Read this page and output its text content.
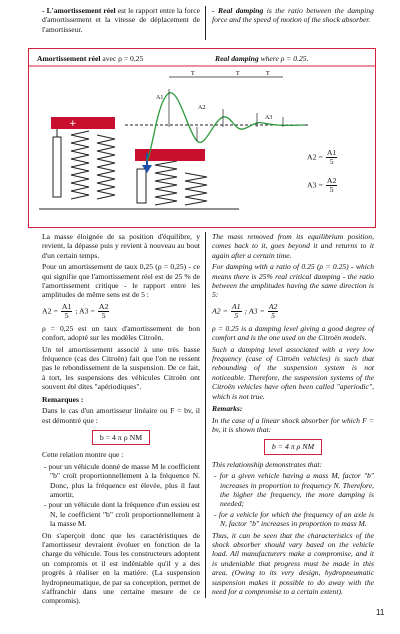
- L'amortissement réel est le rapport entre la force d'amortissement et la vitesse de déplacement de l'amortisseur.

- Real damping is the ratio between the damping force and the speed of motion of the shock absorber.

Amortissement réel avec ρ = 0,25	Real damping where ρ = 0.25.
+
T	T	T
A1
A2
A3
$A2 = \frac{A1}{5}$
$A3 = \frac{A2}{5}$

La masse éloignée de sa position d'équilibre, y revient, la dépasse puis y revient à nouveau au bout d'un certain temps.

Pour un amortissement de taux 0,25 (ρ = 0,25) - ce qui signifie que l'amortissement réel est de 25 % de l'amortissement critique - le rapport entre les amplitudes de même sens est de 5 :

$A2 = \frac{A1}{5}$ ; $A3 = \frac{A2}{5}$

ρ = 0,25 est un taux d'amortissement de bon confort, adopté sur les modèles Citroën.

Un tel amortissement associé à une très basse fréquence (cas des Citroën) fait que l'on ne ressent pas le rebondissement de la suspension. De ce fait, à tort, les suspensions des véhicules Citroën ont souvent été dites "apériodiques".

Remarques :

Dans le cas d'un amortisseur linéaire ou F = bv, il est démontré que :

b = 4 π ρ NM

Cette relation montre que :

- pour un véhicule donné de masse M le coefficient "b" croît proportionnellement à la fréquence N. Donc, plus la fréquence est élevée, plus il faut amortir,
- pour un véhicule dont la fréquence d'un essieu est N, le coefficient "b" croît proportionnellement à la masse M.

On s'aperçoit donc que les caractéristiques de l'amortisseur devraient évoluer en fonction de la charge du véhicule. Tous les constructeurs adoptent un compromis et il est indéniable qu'il y a des progrès à réaliser en la matière. (La suspension hydropneumatique, de par sa conception, permet de s'affranchir dans une certaine mesure de ce compromis).

The mass removed from its equilibrium position, comes back to it, goes beyond it and returns to it again after a certain time.

For damping with a ratio of 0.25 (ρ = 0.25) - which means there is 25% real critical damping - the ratio between the amplitudes having the same direction is 5:

$A2 = \frac{A1}{5}$ ; $A3 = \frac{A2}{5}$

ρ = 0.25 is a damping level giving a good degree of comfort and is the one used on the Citroën models.

Such a damping level associated with a very low frequency (case of Citroën vehicles) is such that rebounding of the suspension system is not noticeable. Therefore, the suspension systems of the Citroën vehicles have often been called "aperiodic", which is not true.

Remarks:

In the case of a linear shock absorber for which F = bv, it is shown that:

b = 4 π ρ NM

This relationship demonstrates that:

- for a given vehicle having a mass M, factor "b" increases in proportion to frequency N. Therefore, the higher the frequency, the more damping is needed;
- for a vehicle for which the frequency of an axle is N, factor "b" increases in proportion to mass M.

Thus, it can be seen that the characteristics of the shock absorber should vary based on the vehicle load. All manufacturers make a compromise, and it is undeniable that progress must be made in this area. (Owing to its very design, hydropneumatic suspension makes it possible to do away with the need for a compromise to a certain extent).

11
